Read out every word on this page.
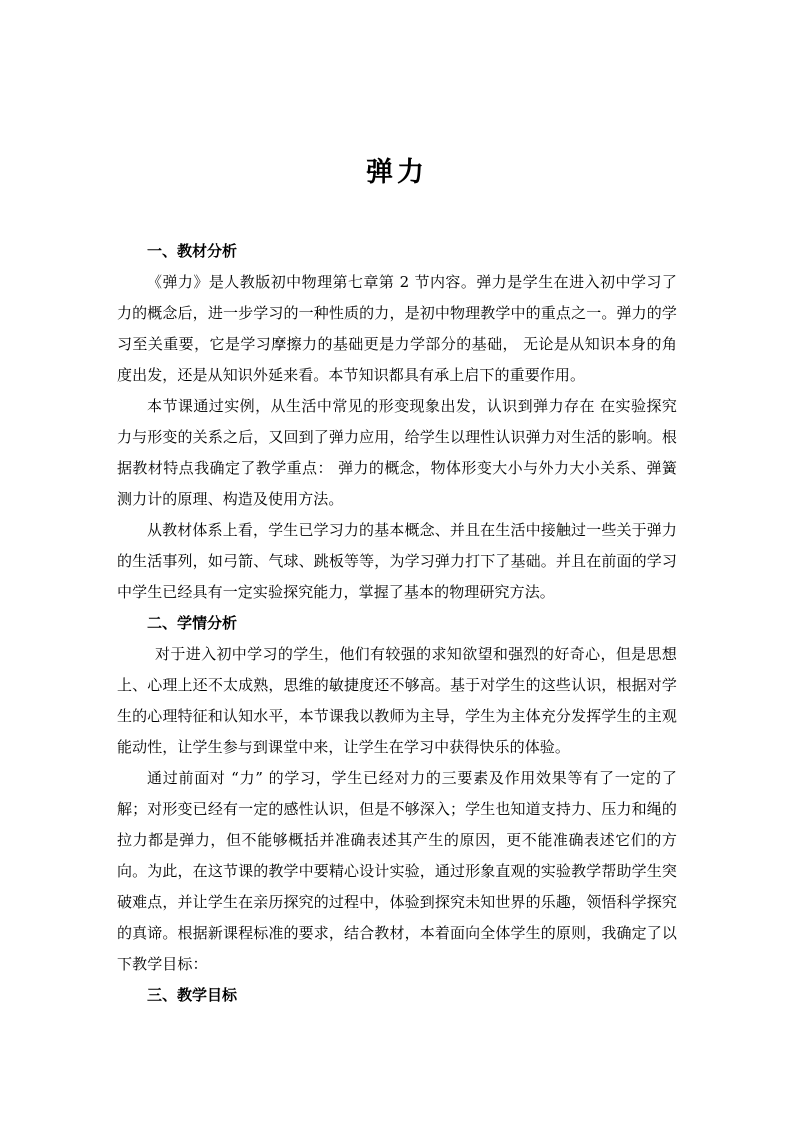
弹力

一、教材分析

《弹力》是人教版初中物理第七章第 2 节内容。弹力是学生在进入初中学习了力的概念后，进一步学习的一种性质的力，是初中物理教学中的重点之一。弹力的学习至关重要，它是学习摩擦力的基础更是力学部分的基础， 无论是从知识本身的角度出发，还是从知识外延来看。本节知识都具有承上启下的重要作用。

本节课通过实例，从生活中常见的形变现象出发，认识到弹力存在 在实验探究力与形变的关系之后，又回到了弹力应用，给学生以理性认识弹力对生活的影响。根据教材特点我确定了教学重点： 弹力的概念，物体形变大小与外力大小关系、弹簧测力计的原理、构造及使用方法。

从教材体系上看，学生已学习力的基本概念、并且在生活中接触过一些关于弹力的生活事列，如弓箭、气球、跳板等等，为学习弹力打下了基础。并且在前面的学习中学生已经具有一定实验探究能力，掌握了基本的物理研究方法。

二、学情分析

对于进入初中学习的学生，他们有较强的求知欲望和强烈的好奇心，但是思想上、心理上还不太成熟，思维的敏捷度还不够高。基于对学生的这些认识，根据对学生的心理特征和认知水平，本节课我以教师为主导，学生为主体充分发挥学生的主观能动性，让学生参与到课堂中来，让学生在学习中获得快乐的体验。

通过前面对 “力” 的学习，学生已经对力的三要素及作用效果等有了一定的了解；对形变已经有一定的感性认识，但是不够深入；学生也知道支持力、压力和绳的拉力都是弹力，但不能够概括并准确表述其产生的原因，更不能准确表述它们的方向。为此，在这节课的教学中要精心设计实验，通过形象直观的实验教学帮助学生突破难点，并让学生在亲历探究的过程中，体验到探究未知世界的乐趣，领悟科学探究的真谛。根据新课程标准的要求，结合教材，本着面向全体学生的原则，我确定了以下教学目标：

三、教学目标
